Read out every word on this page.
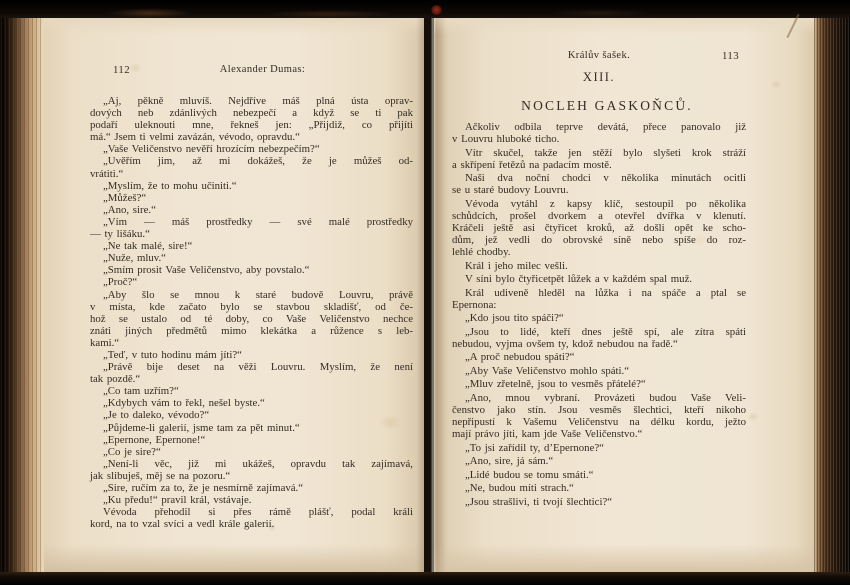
112	Alexander Dumas:
„Aj, pěkně mluvíš. Nejdříve máš plná ústa oprav-
dových neb zdánlivých nebezpečí a když se ti pak
podaří uleknouti mne, řekneš jen: „Přijdiž, co přijíti
má.“ Jsem ti velmi zavázán, vévodo, opravdu.“
„Vaše Veličenstvo nevěří hrozícím nebezpečím?“
„Uvěřím jim, až mi dokážeš, že je můžeš od-
vrátiti.“
„Myslím, že to mohu učiniti.“
„Můžeš?“
„Ano, sire.“
„Vím — máš prostředky — své malé prostředky
— ty lišáku.“
„Ne tak malé, sire!“
„Nuže, mluv.“
„Smím prosit Vaše Veličenstvo, aby povstalo.“
„Proč?“
„Aby šlo se mnou k staré budově Louvru, právě
v místa, kde začato bylo se stavbou skladišť, od če-
hož se ustalo od té doby, co Vaše Veličenstvo nechce
znáti jiných předmětů mimo klekátka a růžence s leb-
kami.“
„Teď, v tuto hodinu mám jíti?“
„Právě bije deset na věži Louvru. Myslím, že není
tak pozdě.“
„Co tam uzřím?“
„Kdybych vám to řekl, nešel byste.“
„Je to daleko, vévodo?“
„Půjdeme-li galerií, jsme tam za pět minut.“
„Epernone, Epernone!“
„Co je sire?“
„Není-li věc, již mi ukážeš, opravdu tak zajímavá,
jak slibuješ, měj se na pozoru.“
„Sire, ručím za to, že je nesmírně zajímavá.“
„Ku předu!“ pravil král, vstávaje.
Vévoda přehodil si přes rámě plášť, podal králi
kord, na to vzal svíci a vedl krále galerií.
Králův šašek.	113
XIII.
NOCLEH GASKOŇCŮ.
Ačkoliv odbila teprve devátá, přece panovalo již
v Louvru hluboké ticho.
Vítr skučel, takže jen stěží bylo slyšeti krok stráží
a skřípení řetězů na padacím mostě.
Naši dva noční chodci v několika minutách ocitli
se u staré budovy Louvru.
Vévoda vytáhl z kapsy klíč, sestoupil po několika
schůdcích, prošel dvorkem a otevřel dvířka v klenutí.
Kráčeli ještě asi čtyřicet kroků, až došli opět ke scho-
dům, jež vedli do obrovské síně nebo spíše do roz-
lehlé chodby.
Král i jeho milec vešli.
V síni bylo čtyřicetpět lůžek a v každém spal muž.
Král udiveně hleděl na lůžka i na spáče a ptal se
Epernona:
„Kdo jsou tito spáči?“
„Jsou to lidé, kteří dnes ještě spí, ale zítra spáti
nebudou, vyjma ovšem ty, kdož nebudou na řadě.“
„A proč nebudou spáti?“
„Aby Vaše Veličenstvo mohlo spáti.“
„Mluv zřetelně, jsou to vesměs přátelé?“
„Ano, mnou vybraní. Provázeti budou Vaše Veli-
čenstvo jako stín. Jsou vesměs šlechtici, kteří nikoho
nepřipustí k Vašemu Veličenstvu na délku kordu, ježto
mají právo jíti, kam jde Vaše Veličenstvo.“
„To jsi zařídil ty, d’Epernone?“
„Ano, sire, já sám.“
„Lidé budou se tomu smáti.“
„Ne, budou míti strach.“
„Jsou strašlivi, ti tvojí šlechtici?“
